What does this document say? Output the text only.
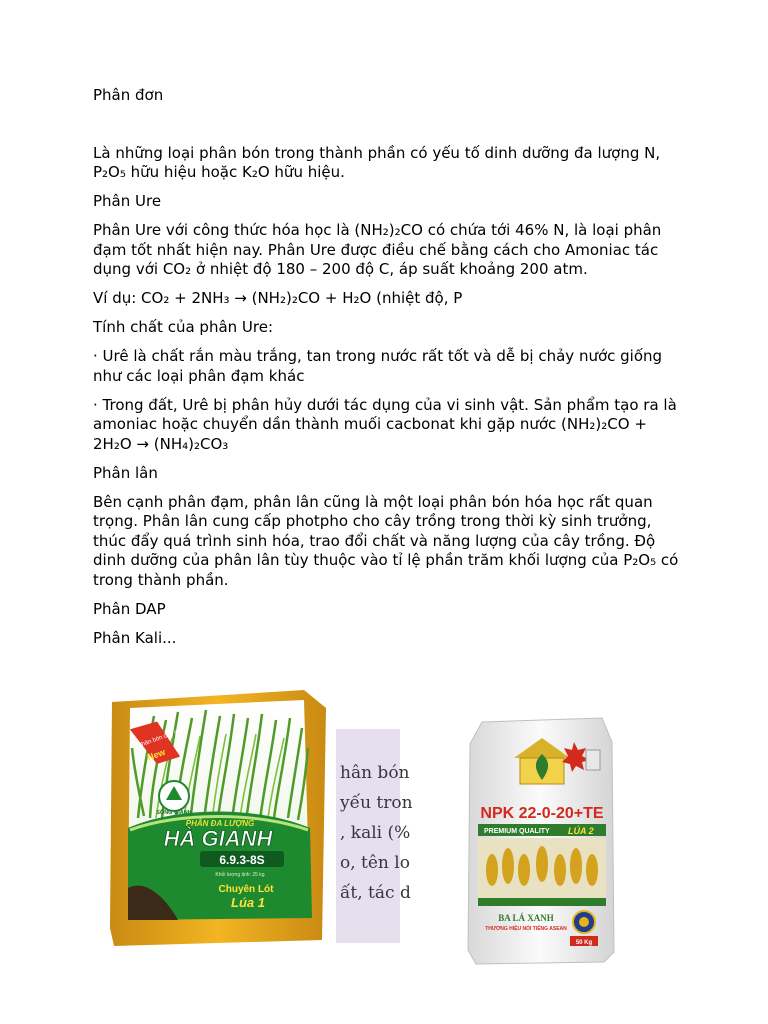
Phân đơn

Là những loại phân bón trong thành phần có yếu tố dinh dưỡng đa lượng N, P₂O₅ hữu hiệu hoặc K₂O hữu hiệu.

Phân Ure

Phân Ure với công thức hóa học là (NH₂)₂CO có chứa tới 46% N, là loại phân đạm tốt nhất hiện nay. Phân Ure được điều chế bằng cách cho Amoniac tác dụng với CO₂ ở nhiệt độ 180 – 200 độ C, áp suất khoảng 200 atm.

Ví dụ: CO₂ + 2NH₃ → (NH₂)₂CO + H₂O (nhiệt độ, P

Tính chất của phân Ure:

· Urê là chất rắn màu trắng, tan trong nước rất tốt và dễ bị chảy nước giống như các loại phân đạm khác

· Trong đất, Urê bị phân hủy dưới tác dụng của vi sinh vật. Sản phẩm tạo ra là amoniac hoặc chuyển dần thành muối cacbonat khi gặp nước (NH₂)₂CO + 2H₂O → (NH₄)₂CO₃

Phân lân

Bên cạnh phân đạm, phân lân cũng là một loại phân bón hóa học rất quan trọng. Phân lân cung cấp photpho cho cây trồng trong thời kỳ sinh trưởng, thúc đẩy quá trình sinh hóa, trao đổi chất và năng lượng của cây trồng. Độ dinh dưỡng của phân lân tùy thuộc vào tỉ lệ phần trăm khối lượng của P₂O₅ có trong thành phần.

Phân DAP

Phân Kali...

Phân bón cao cấp
New
SÔNG GIANH
PHÂN ĐA LƯỢNG
HÀ GIANH
6.9.3-8S
Khối lượng tịnh: 25 kg
Chuyên Lót
Lúa 1
hân bón
yếu tron
, kali (%
o, tên lo
ất, tác d
NPK 22-0-20+TE
PREMIUM QUALITY LÚA 2
BA LÁ XANH
THƯƠNG HIỆU NỔI TIẾNG ASEAN
50 Kg
